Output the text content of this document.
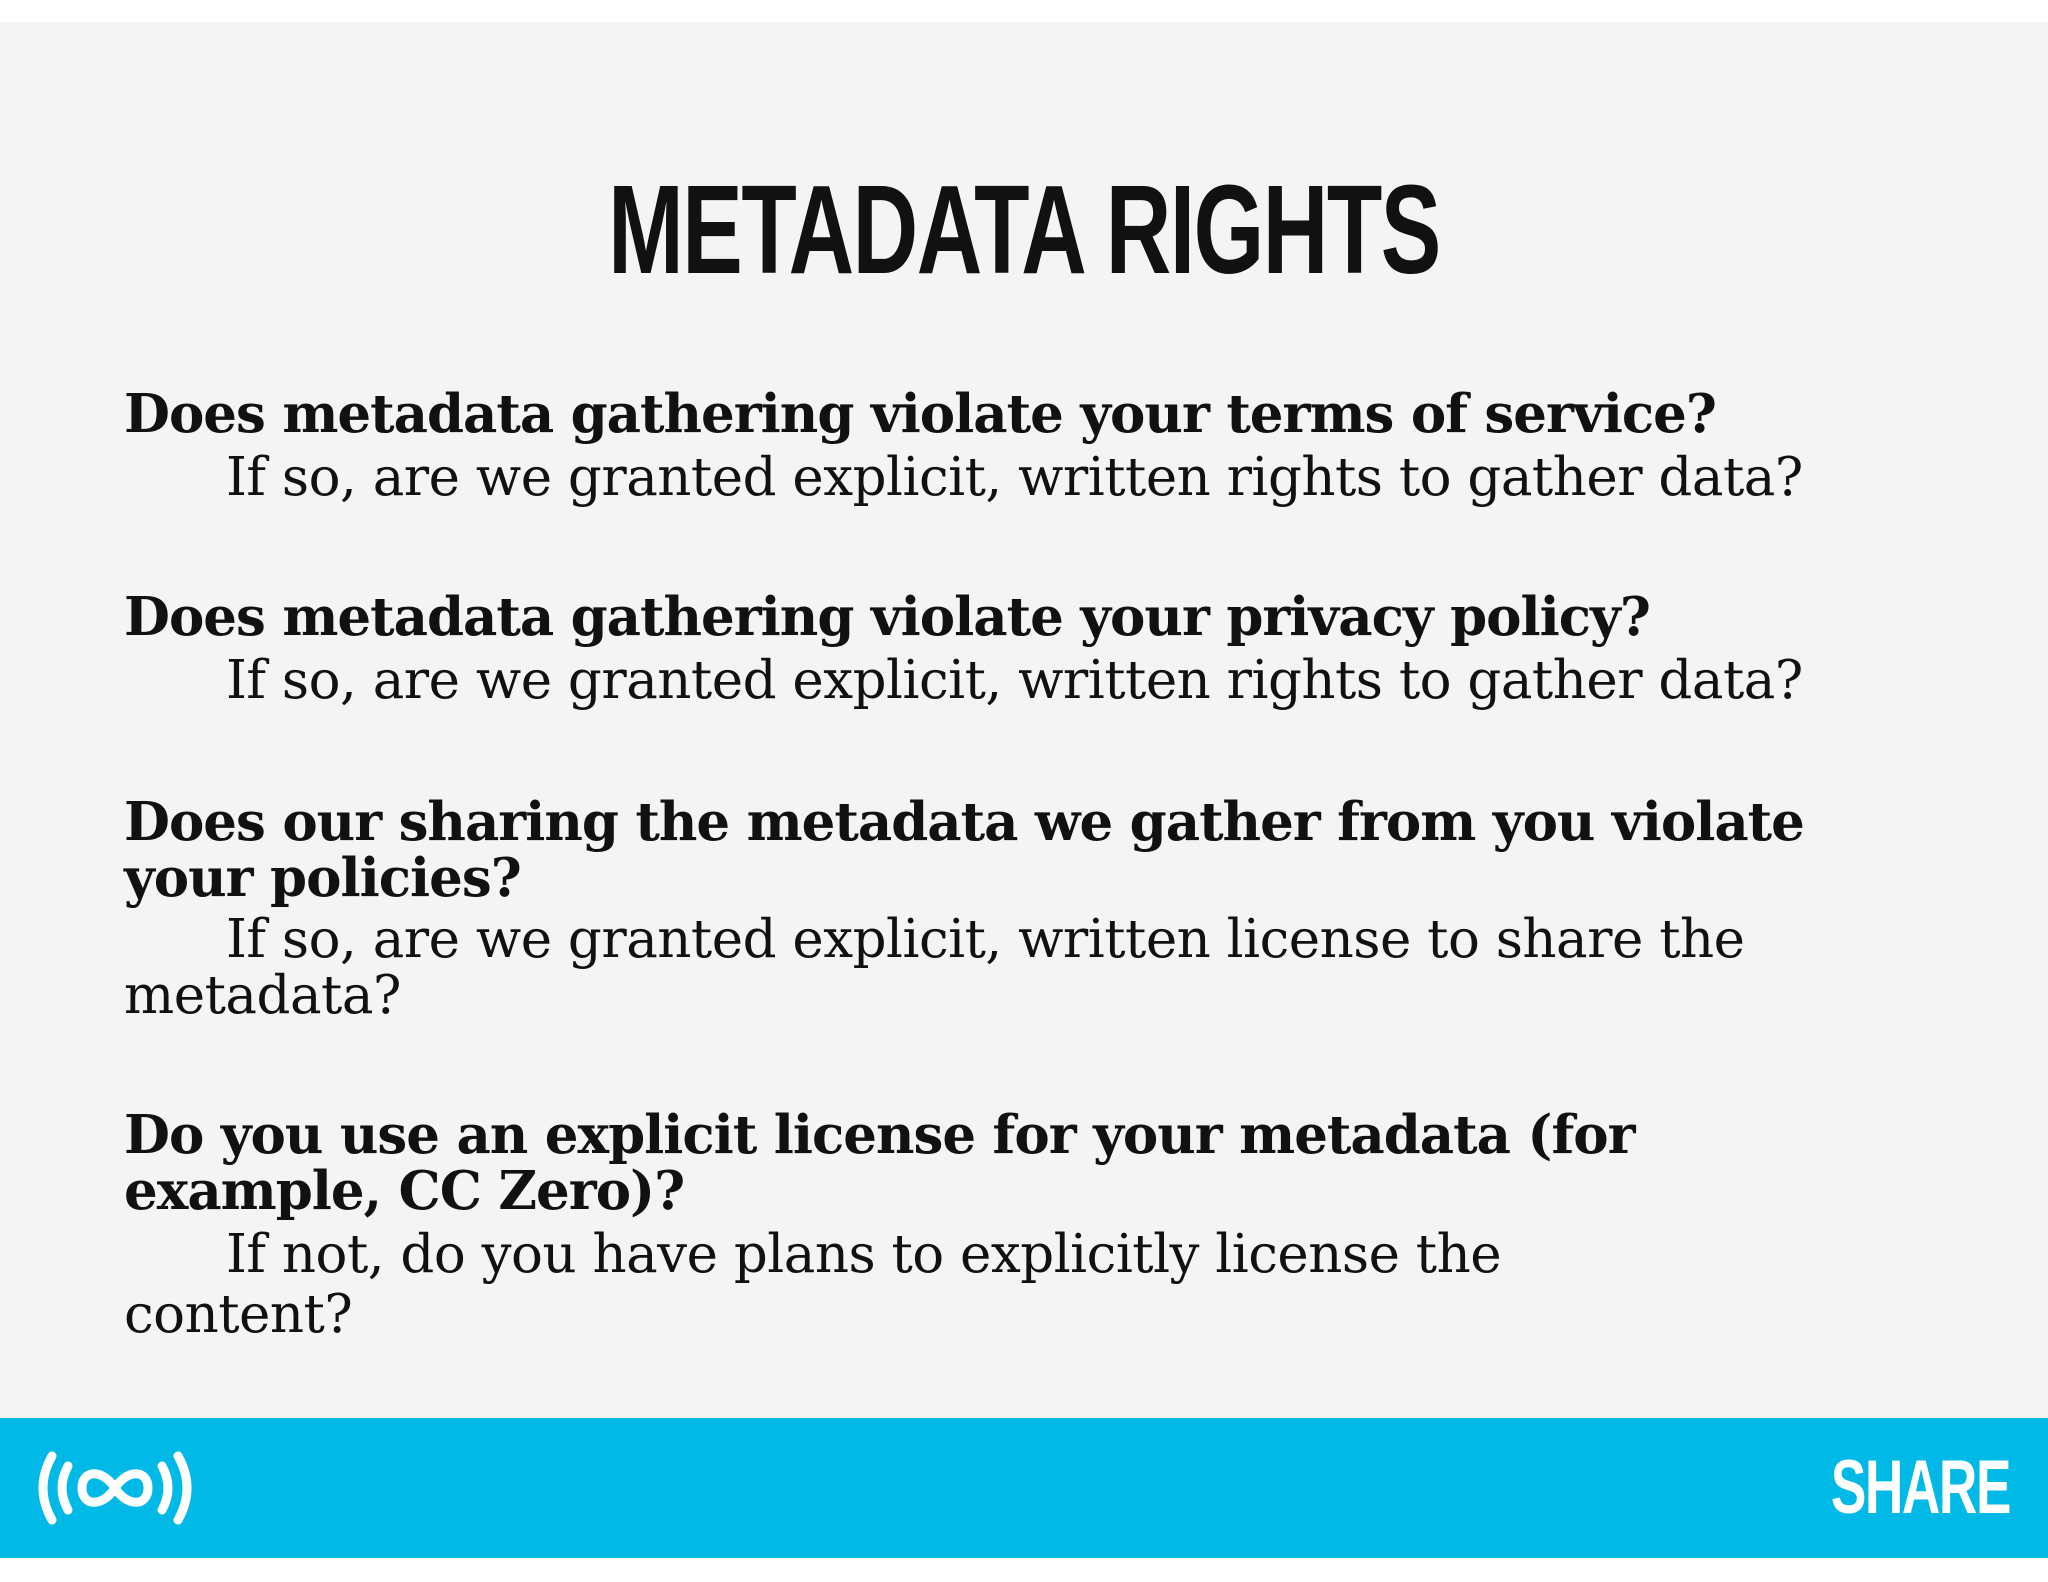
METADATA RIGHTS
Does metadata gathering violate your terms of service?
If so, are we granted explicit, written rights to gather data?
Does metadata gathering violate your privacy policy?
If so, are we granted explicit, written rights to gather data?
Does our sharing the metadata we gather from you violate your policies?
If so, are we granted explicit, written license to share the metadata?
Do you use an explicit license for your metadata (for example, CC Zero)?
If not, do you have plans to explicitly license the content?
SHARE
